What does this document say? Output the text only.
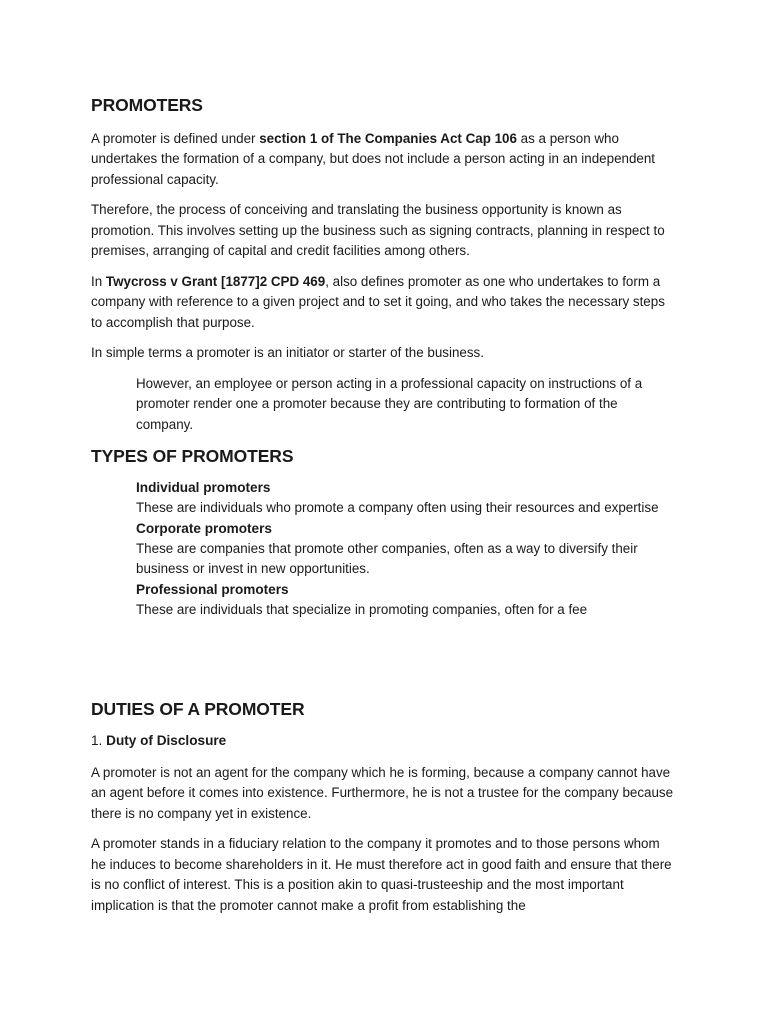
PROMOTERS

A promoter is defined under section 1 of The Companies Act Cap 106 as a person who undertakes the formation of a company, but does not include a person acting in an independent professional capacity.

Therefore, the process of conceiving and translating the business opportunity is known as promotion. This involves setting up the business such as signing contracts, planning in respect to premises, arranging of capital and credit facilities among others.

In Twycross v Grant [1877]2 CPD 469, also defines promoter as one who undertakes to form a company with reference to a given project and to set it going, and who takes the necessary steps to accomplish that purpose.

In simple terms a promoter is an initiator or starter of the business.

However, an employee or person acting in a professional capacity on instructions of a promoter render one a promoter because they are contributing to formation of the company.

TYPES OF PROMOTERS
Individual promoters
These are individuals who promote a company often using their resources and expertise
Corporate promoters
These are companies that promote other companies, often as a way to diversify their business or invest in new opportunities.
Professional promoters
These are individuals that specialize in promoting companies, often for a fee
DUTIES OF A PROMOTER
1. Duty of Disclosure

A promoter is not an agent for the company which he is forming, because a company cannot have an agent before it comes into existence. Furthermore, he is not a trustee for the company because there is no company yet in existence.

A promoter stands in a fiduciary relation to the company it promotes and to those persons whom he induces to become shareholders in it. He must therefore act in good faith and ensure that there is no conflict of interest. This is a position akin to quasi-trusteeship and the most important implication is that the promoter cannot make a profit from establishing the
